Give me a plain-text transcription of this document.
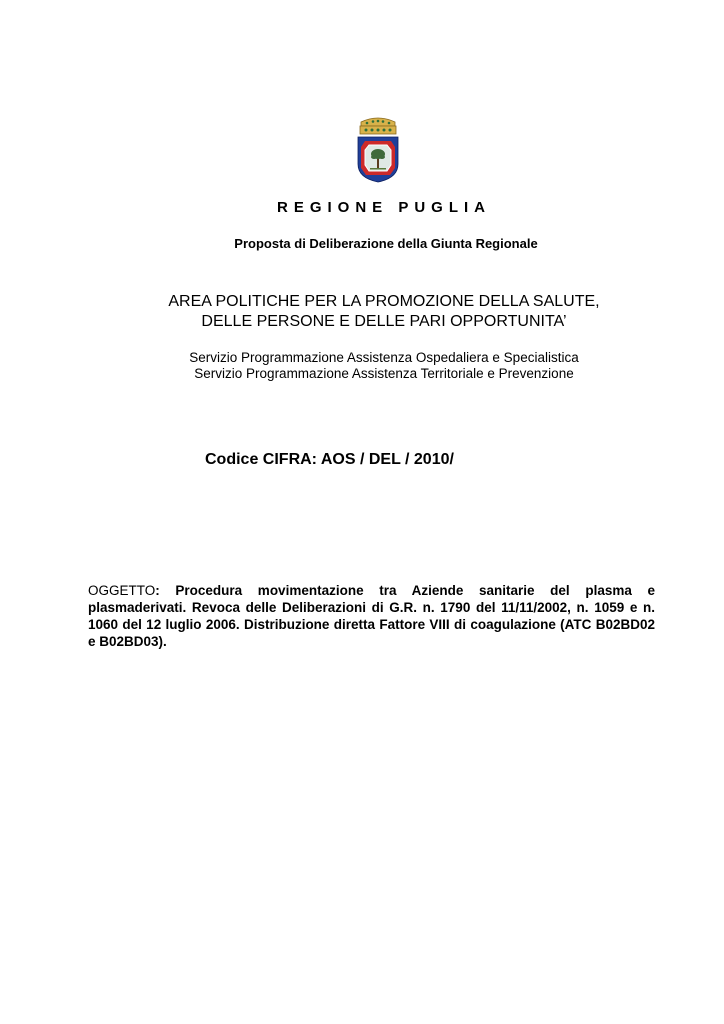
REGIONE PUGLIA
Proposta di Deliberazione della Giunta Regionale
AREA POLITICHE PER LA PROMOZIONE DELLA SALUTE,
DELLE PERSONE E DELLE PARI OPPORTUNITA’
Servizio Programmazione Assistenza Ospedaliera e Specialistica
Servizio Programmazione Assistenza Territoriale e Prevenzione
Codice CIFRA: AOS / DEL / 2010/
OGGETTO: Procedura movimentazione tra Aziende sanitarie del plasma e plasmaderivati. Revoca delle Deliberazioni di G.R. n. 1790 del 11/11/2002, n. 1059 e n. 1060 del 12 luglio 2006. Distribuzione diretta Fattore VIII di coagulazione (ATC B02BD02 e B02BD03).
